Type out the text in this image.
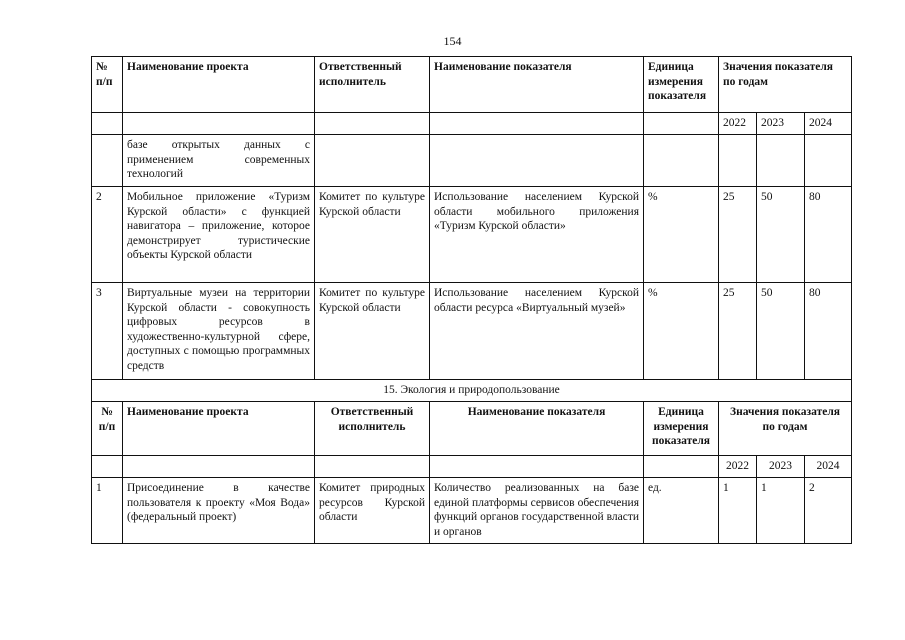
154
№ п/п	Наименование проекта	Ответственный исполнитель	Наименование показателя	Единица измерения показателя	Значения показателя по годам		
					2022	2023	2024
	базе открытых данных с применением современных технологий						
2	Мобильное приложение «Туризм Курской области» с функцией навигатора – приложение, которое демонстрирует туристические объекты Курской области	Комитет по культуре Курской области	Использование населением Курской области мобильного приложения «Туризм Курской области»	%	25	50	80
3	Виртуальные музеи на территории Курской области - совокупность цифровых ресурсов в художественно-культурной сфере, доступных с помощью программных средств	Комитет по культуре Курской области	Использование населением Курской области ресурса «Виртуальный музей»	%	25	50	80
15. Экология и природопользование							
№ п/п	Наименование проекта	Ответственный исполнитель	Наименование показателя	Единица измерения показателя	Значения показателя по годам		
					2022	2023	2024
1	Присоединение в качестве пользователя к проекту «Моя Вода» (федеральный проект)	Комитет природных ресурсов Курской области	Количество реализованных на базе единой платформы сервисов обеспечения функций органов государственной власти и органов	ед.	1	1	2
